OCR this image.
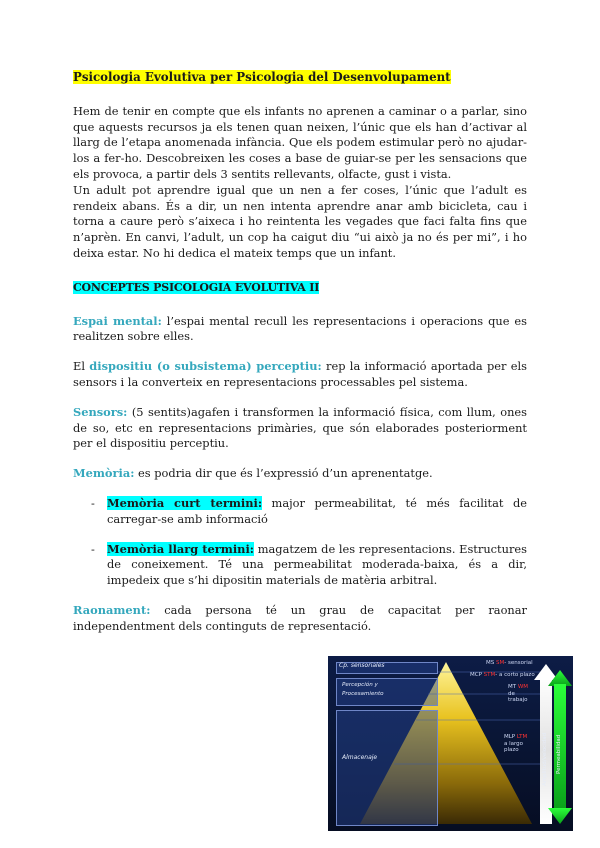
Psicologia Evolutiva per Psicologia del Desenvolupament

Hem de tenir en compte que els infants no aprenen a caminar o a parlar, sino que aquests recursos ja els tenen quan neixen, l’únic que els han d’activar al llarg de l’etapa anomenada infància. Que els podem estimular però no ajudar-los a fer-ho. Descobreixen les coses a base de guiar-se per les sensacions que els provoca, a partir dels 3 sentits rellevants, olfacte, gust i vista.

Un adult pot aprendre igual que un nen a fer coses, l’únic que l’adult es rendeix abans. És a dir, un nen intenta aprendre anar amb bicicleta, cau i torna a caure però s’aixeca i ho reintenta les vegades que faci falta fins que n’aprèn. En canvi, l’adult, un cop ha caigut diu “ui això ja no és per mi”, i ho deixa estar. No hi dedica el mateix temps que un infant.

CONCEPTES PSICOLOGIA EVOLUTIVA II

Espai mental: l’espai mental recull les representacions i operacions que es realitzen sobre elles.

El dispositiu (o subsistema) perceptiu: rep la informació aportada per els sensors i la converteix en representacions processables pel sistema.

Sensors: (5 sentits)agafen i transformen la informació física, com llum, ones de so, etc en representacions primàries, que són elaborades posteriorment per el dispositiu perceptiu.

Memòria: es podria dir que és l’expressió d’un aprenentatge.

- Memòria curt termini: major permeabilitat, té més facilitat de carregar-se amb informació

- Memòria llarg termini: magatzem de les representacions. Estructures de coneixement. Té una permeabilitat moderada-baixa, és a dir, impedeix que s’hi dipositin materials de matèria arbitral.

Raonament: cada persona té un grau de capacitat per raonar independentment dels continguts de representació.

Cp. sensoriales
Percepción y Procesamiento
Almacenaje
MS SM- sensorial
MCP STM- a corto plazo
MT WM
de trabajo
MLP LTM
a largo plazo	Amplitud/velocidad Permeabilidad
